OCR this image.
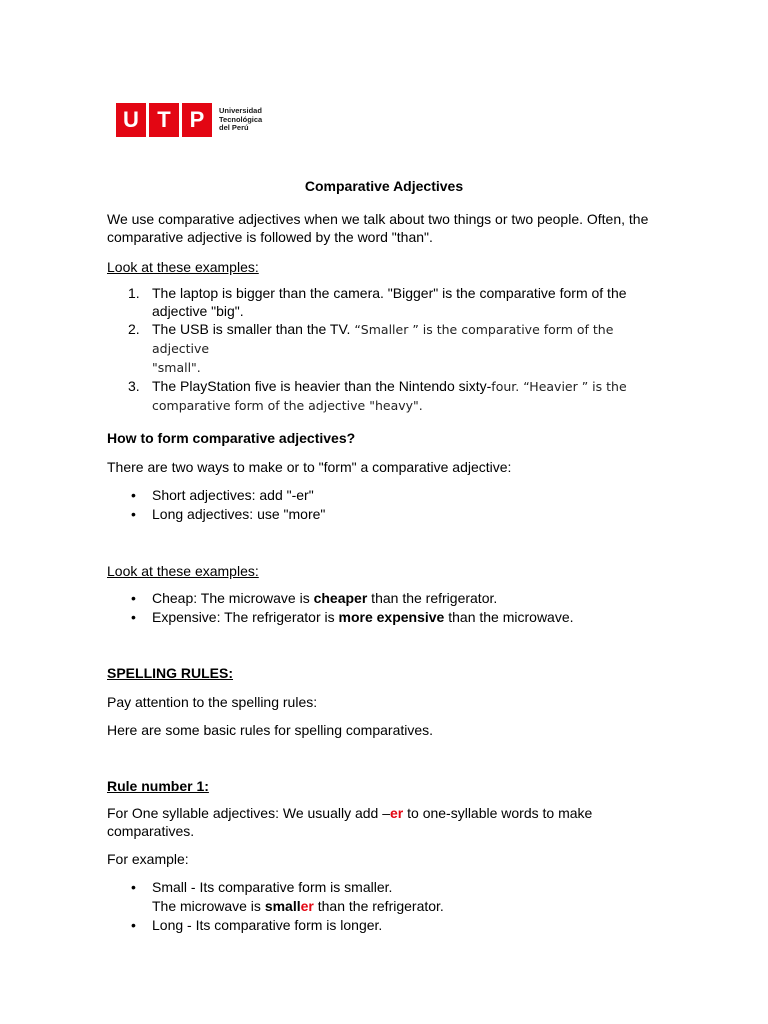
U T P	Universidad
Tecnológica
del Perú
Comparative Adjectives
We use comparative adjectives when we talk about two things or two people. Often, the comparative adjective is followed by the word "than".
Look at these examples:
1. The laptop is bigger than the camera. "Bigger" is the comparative form of the adjective "big".
2. The USB is smaller than the TV. “Smaller ” is the comparative form of the adjective
"small".
3. The PlayStation five is heavier than the Nintendo sixty-four. “Heavier ” is the
comparative form of the adjective "heavy".
How to form comparative adjectives?
There are two ways to make or to "form" a comparative adjective:
• Short adjectives: add "-er"
• Long adjectives: use "more"
Look at these examples:
• Cheap: The microwave is cheaper than the refrigerator.
• Expensive: The refrigerator is more expensive than the microwave.
SPELLING RULES:
Pay attention to the spelling rules:
Here are some basic rules for spelling comparatives.
Rule number 1:
For One syllable adjectives: We usually add –er to one-syllable words to make comparatives.
For example:
• Small - Its comparative form is smaller.
The microwave is smaller than the refrigerator.
• Long - Its comparative form is longer.
